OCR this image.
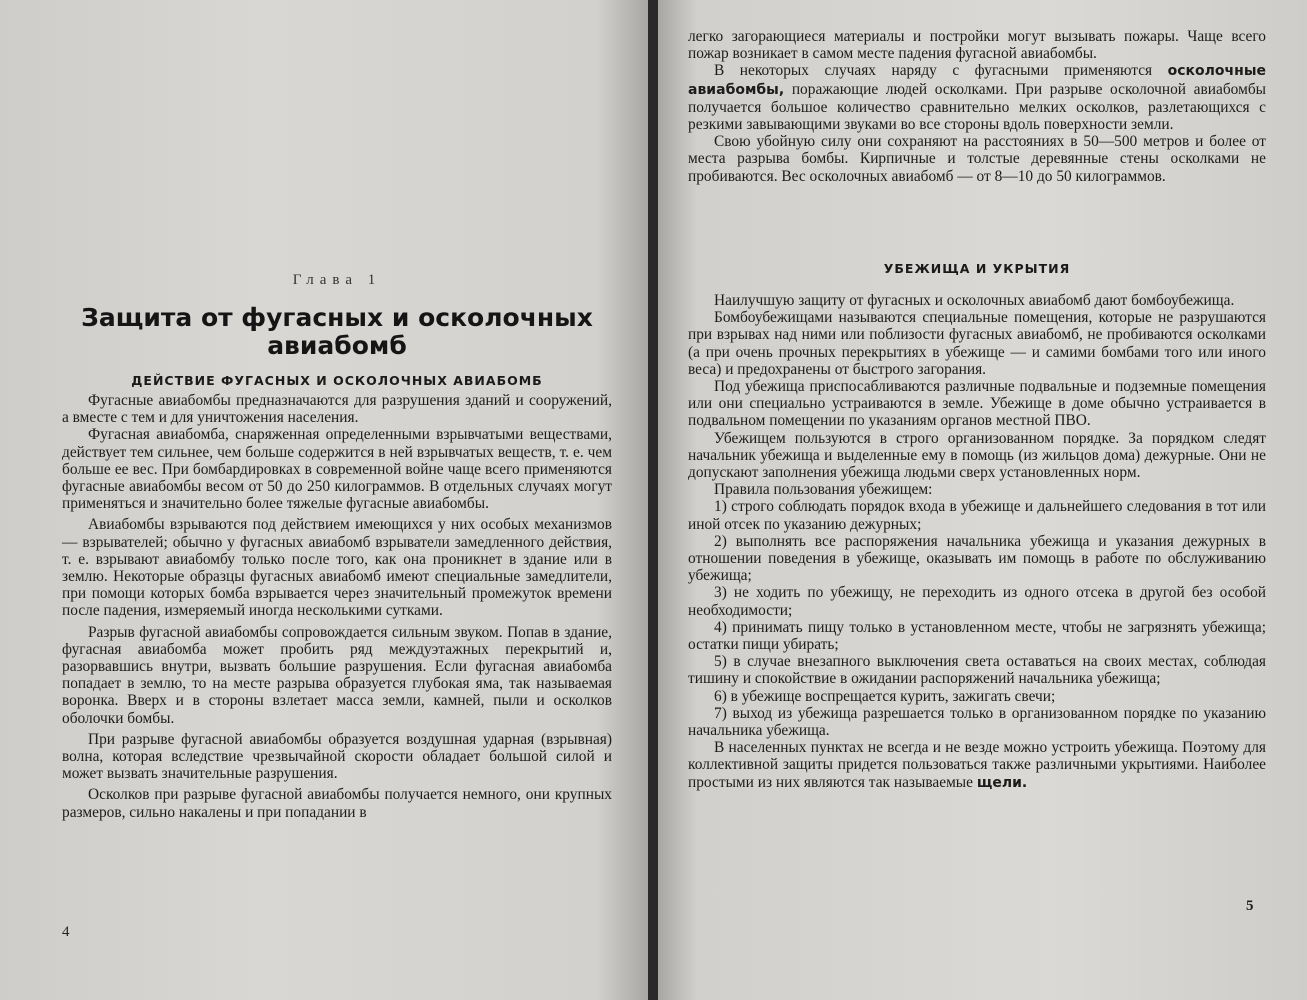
Глава 1
Защита от фугасных и осколочных авиабомб
ДЕЙСТВИЕ ФУГАСНЫХ И ОСКОЛОЧНЫХ АВИАБОМБ

Фугасные авиабомбы предназначаются для разрушения зданий и сооружений, а вместе с тем и для уничтожения населения.

Фугасная авиабомба, снаряженная определенными взрывчатыми веществами, действует тем сильнее, чем больше содержится в ней взрывчатых веществ, т. е. чем больше ее вес. При бомбардировках в современной войне чаще всего применяются фугасные авиабомбы весом от 50 до 250 килограммов. В отдельных случаях могут применяться и значительно более тяжелые фугасные авиабомбы.

Авиабомбы взрываются под действием имеющихся у них особых механизмов — взрывателей; обычно у фугасных авиабомб взрыватели замедленного действия, т. е. взрывают авиабомбу только после того, как она проникнет в здание или в землю. Некоторые образцы фугасных авиабомб имеют специальные замедлители, при помощи которых бомба взрывается через значительный промежуток времени после падения, измеряемый иногда несколькими сутками.

Разрыв фугасной авиабомбы сопровождается сильным звуком. Попав в здание, фугасная авиабомба может пробить ряд междуэтажных перекрытий и, разорвавшись внутри, вызвать большие разрушения. Если фугасная авиабомба попадает в землю, то на месте разрыва образуется глубокая яма, так называемая воронка. Вверх и в стороны взлетает масса земли, камней, пыли и осколков оболочки бомбы.

При разрыве фугасной авиабомбы образуется воздушная ударная (взрывная) волна, которая вследствие чрезвычайной скорости обладает большой силой и может вызвать значительные разрушения.

Осколков при разрыве фугасной авиабомбы получается немного, они крупных размеров, сильно накалены и при попадании в

4

легко загорающиеся материалы и постройки могут вызывать пожары. Чаще всего пожар возникает в самом месте падения фугасной авиабомбы.

В некоторых случаях наряду с фугасными применяются осколочные авиабомбы, поражающие людей осколками. При разрыве осколочной авиабомбы получается большое количество сравнительно мелких осколков, разлетающихся с резкими завывающими звуками во все стороны вдоль поверхности земли.

Свою убойную силу они сохраняют на расстояниях в 50—500 метров и более от места разрыва бомбы. Кирпичные и толстые деревянные стены осколками не пробиваются. Вес осколочных авиабомб — от 8—10 до 50 килограммов.

УБЕЖИЩА И УКРЫТИЯ

Наилучшую защиту от фугасных и осколочных авиабомб дают бомбоубежища.

Бомбоубежищами называются специальные помещения, которые не разрушаются при взрывах над ними или поблизости фугасных авиабомб, не пробиваются осколками (а при очень прочных перекрытиях в убежище — и самими бомбами того или иного веса) и предохранены от быстрого загорания.

Под убежища приспосабливаются различные подвальные и подземные помещения или они специально устраиваются в земле. Убежище в доме обычно устраивается в подвальном помещении по указаниям органов местной ПВО.

Убежищем пользуются в строго организованном порядке. За порядком следят начальник убежища и выделенные ему в помощь (из жильцов дома) дежурные. Они не допускают заполнения убежища людьми сверх установленных норм.

Правила пользования убежищем:

1) строго соблюдать порядок входа в убежище и дальнейшего следования в тот или иной отсек по указанию дежурных;

2) выполнять все распоряжения начальника убежища и указания дежурных в отношении поведения в убежище, оказывать им помощь в работе по обслуживанию убежища;

3) не ходить по убежищу, не переходить из одного отсека в другой без особой необходимости;

4) принимать пищу только в установленном месте, чтобы не загрязнять убежища; остатки пищи убирать;

5) в случае внезапного выключения света оставаться на своих местах, соблюдая тишину и спокойствие в ожидании распоряжений начальника убежища;

6) в убежище воспрещается курить, зажигать свечи;

7) выход из убежища разрешается только в организованном порядке по указанию начальника убежища.

В населенных пунктах не всегда и не везде можно устроить убежища. Поэтому для коллективной защиты придется пользоваться также различными укрытиями. Наиболее простыми из них являются так называемые щели.

5
